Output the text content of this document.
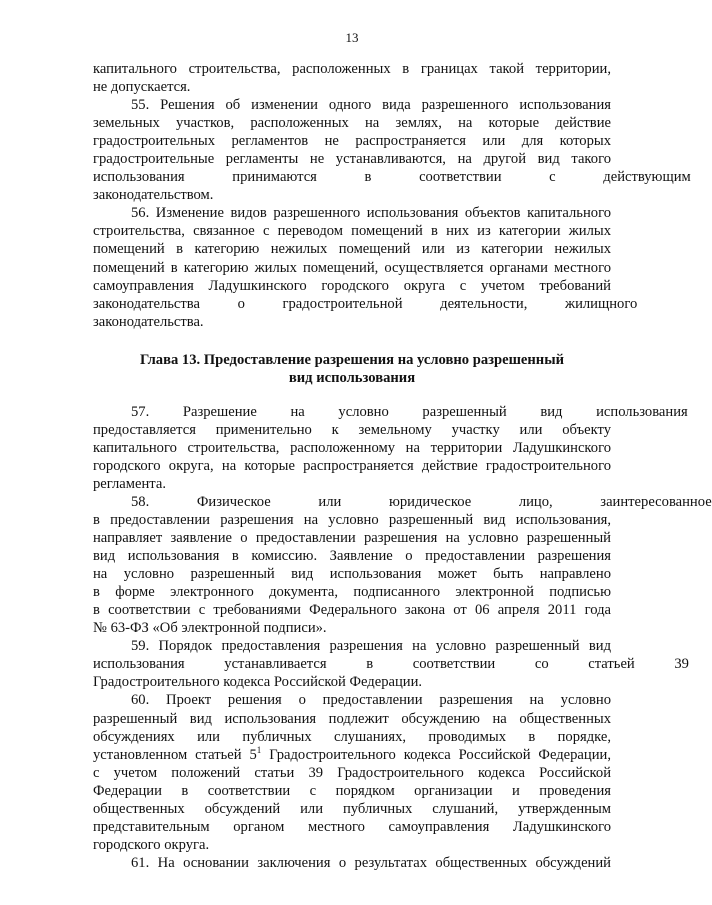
13

капитального строительства, расположенных в границах такой территории,
не допускается.

55. Решения об изменении одного вида разрешенного использования
земельных участков, расположенных на землях, на которые действие
градостроительных регламентов не распространяется или для которых
градостроительные регламенты не устанавливаются, на другой вид такого
использования принимаются в соответствии с действующим
законодательством.

56. Изменение видов разрешенного использования объектов капитального
строительства, связанное с переводом помещений в них из категории жилых
помещений в категорию нежилых помещений или из категории нежилых
помещений в категорию жилых помещений, осуществляется органами местного
самоуправления Ладушкинского городского округа с учетом требований
законодательства о градостроительной деятельности, жилищного
законодательства.

Глава 13. Предоставление разрешения на условно разрешенный
вид использования

57. Разрешение на условно разрешенный вид использования
предоставляется применительно к земельному участку или объекту
капитального строительства, расположенному на территории Ладушкинского
городского округа, на которые распространяется действие градостроительного
регламента.

58. Физическое или юридическое лицо, заинтересованное
в предоставлении разрешения на условно разрешенный вид использования,
направляет заявление о предоставлении разрешения на условно разрешенный
вид использования в комиссию. Заявление о предоставлении разрешения
на условно разрешенный вид использования может быть направлено
в форме электронного документа, подписанного электронной подписью
в соответствии с требованиями Федерального закона от 06 апреля 2011 года
№ 63-ФЗ «Об электронной подписи».

59. Порядок предоставления разрешения на условно разрешенный вид
использования устанавливается в соответствии со статьей 39
Градостроительного кодекса Российской Федерации.

60. Проект решения о предоставлении разрешения на условно
разрешенный вид использования подлежит обсуждению на общественных
обсуждениях или публичных слушаниях, проводимых в порядке,
установленном статьей $5^1$ Градостроительного кодекса Российской Федерации,
с учетом положений статьи 39 Градостроительного кодекса Российской
Федерации в соответствии с порядком организации и проведения
общественных обсуждений или публичных слушаний, утвержденным
представительным органом местного самоуправления Ладушкинского
городского округа.

61. На основании заключения о результатах общественных обсуждений
